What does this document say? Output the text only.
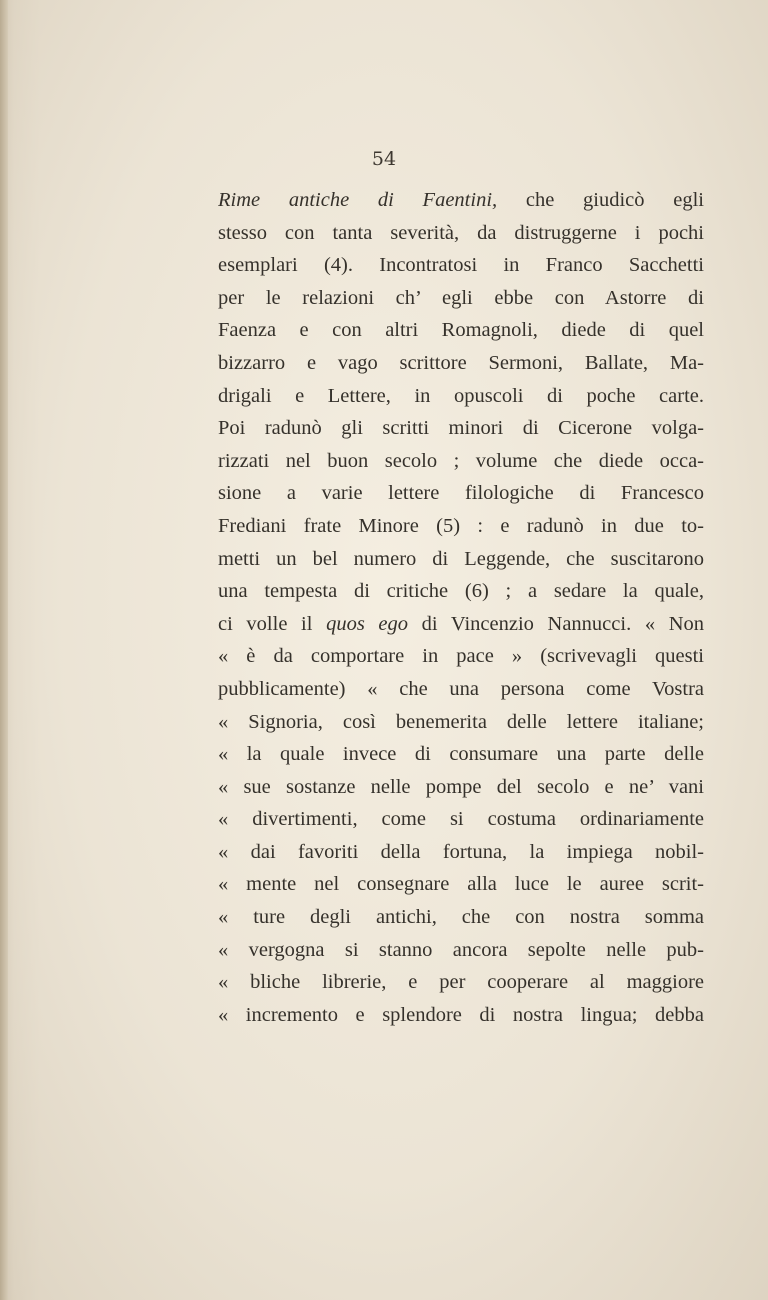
54
Rime antiche di Faentini, che giudicò egli
stesso con tanta severità, da distruggerne i pochi
esemplari (4). Incontratosi in Franco Sacchetti
per le relazioni ch’ egli ebbe con Astorre di
Faenza e con altri Romagnoli, diede di quel
bizzarro e vago scrittore Sermoni, Ballate, Ma-
drigali e Lettere, in opuscoli di poche carte.
Poi radunò gli scritti minori di Cicerone volga-
rizzati nel buon secolo ; volume che diede occa-
sione a varie lettere filologiche di Francesco
Frediani frate Minore (5) : e radunò in due to-
metti un bel numero di Leggende, che suscitarono
una tempesta di critiche (6) ; a sedare la quale,
ci volle il quos ego di Vincenzio Nannucci. « Non
« è da comportare in pace » (scrivevagli questi
pubblicamente) « che una persona come Vostra
« Signoria, così benemerita delle lettere italiane;
« la quale invece di consumare una parte delle
« sue sostanze nelle pompe del secolo e ne’ vani
« divertimenti, come si costuma ordinariamente
« dai favoriti della fortuna, la impiega nobil-
« mente nel consegnare alla luce le auree scrit-
« ture degli antichi, che con nostra somma
« vergogna si stanno ancora sepolte nelle pub-
« bliche librerie, e per cooperare al maggiore
« incremento e splendore di nostra lingua; debba
